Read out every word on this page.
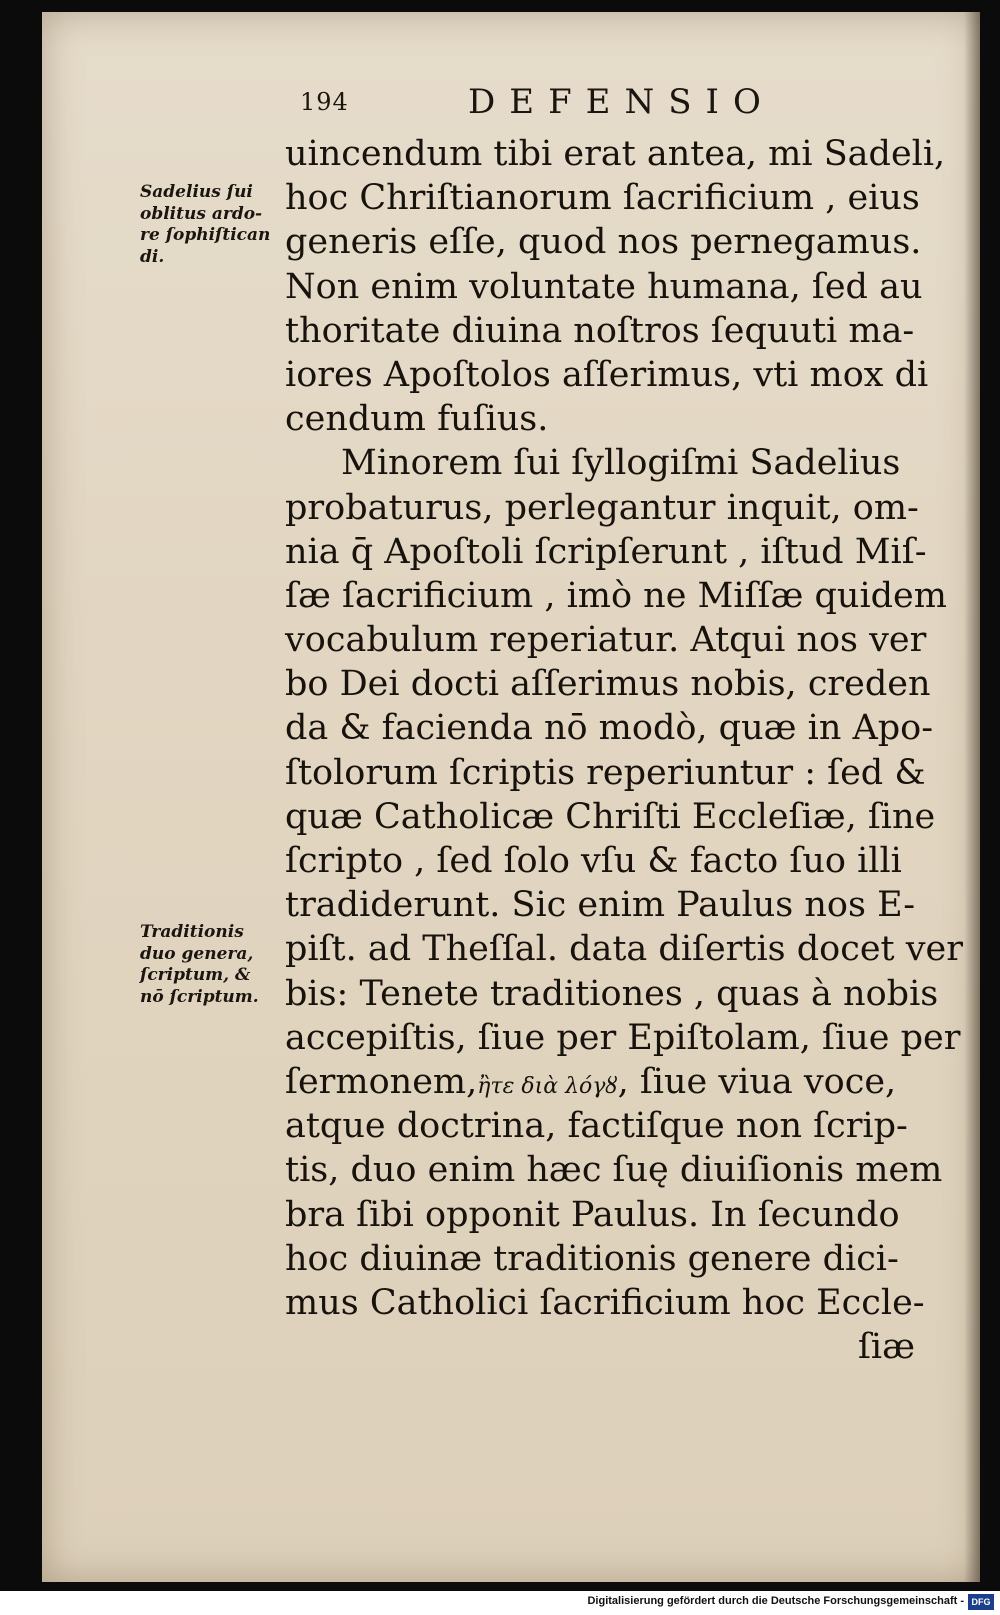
194	DEFENSIO
Sadelius ſui
oblitus ardo-
re ſophiſtican
di.
Traditionis
duo genera,
ſcriptum, &
nō ſcriptum.
uincendum tibi erat antea, mi Sadeli,
hoc Chriſtianorum ſacrificium , eius
generis eſſe, quod nos pernegamus.
Non enim voluntate humana, ſed au
thoritate diuina noſtros ſequuti ma-
iores Apoſtolos aſſerimus, vti mox di
cendum fuſius.
Minorem ſui ſyllogiſmi Sadelius
probaturus, perlegantur inquit, om-
nia q̄ Apoſtoli ſcripſerunt , iſtud Miſ-
ſæ ſacrificium , imò ne Miſſæ quidem
vocabulum reperiatur. Atqui nos ver
bo Dei docti aſſerimus nobis, creden
da & facienda nō modò, quæ in Apo-
ſtolorum ſcriptis reperiuntur : ſed &
quæ Catholicæ Chriſti Eccleſiæ, ſine
ſcripto , ſed ſolo vſu & facto ſuo illi
tradiderunt. Sic enim Paulus nos E-
piſt. ad Theſſal. data diſertis docet ver
bis: Tenete traditiones , quas à nobis
accepiſtis, ſiue per Epiſtolam, ſiue per
ſermonem,ἢτε διὰ λόγȣ, ſiue viua voce,
atque doctrina, factiſque non ſcrip-
tis, duo enim hæc ſuę diuiſionis mem
bra ſibi opponit Paulus. In ſecundo
hoc diuinæ traditionis genere dici-
mus Catholici ſacrificium hoc Eccle-
ſiæ
Digitalisierung gefördert durch die Deutsche Forschungsgemeinschaft - DFG
